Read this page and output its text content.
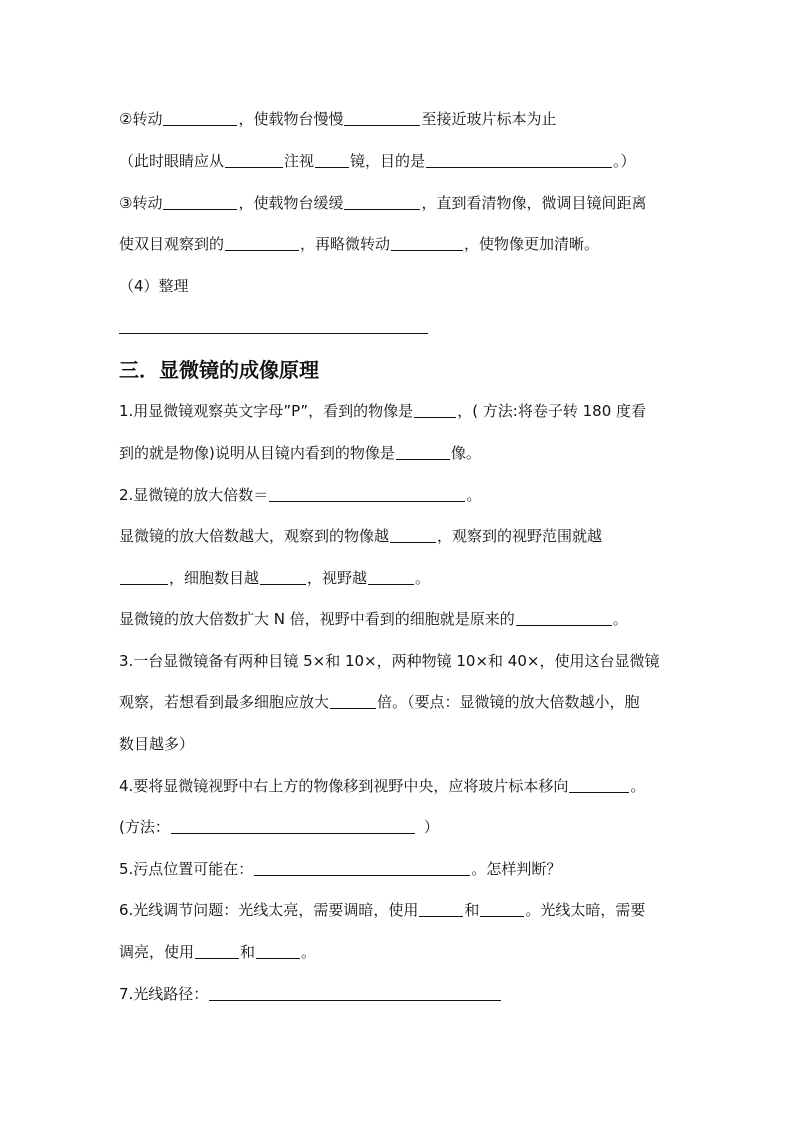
②转动	，使载物台慢慢	至接近玻片标本为止
（此时眼睛应从	注视 镜，目的是	。）
③转动	，使载物台缓缓	，直到看清物像，微调目镜间距离
使双目观察到的	，再略微转动	，使物像更加清晰。
（4）整理
三．显微镜的成像原理
1.用显微镜观察英文字母”P”，看到的物像是	，( 方法:将卷子转 180 度看
到的就是物像)说明从目镜内看到的物像是	像。
2.显微镜的放大倍数＝	。
显微镜的放大倍数越大，观察到的物像越	，观察到的视野范围就越
，细胞数目越	，视野越	。
显微镜的放大倍数扩大 N 倍，视野中看到的细胞就是原来的	。
3.一台显微镜备有两种目镜 5×和 10×，两种物镜 10×和 40×，使用这台显微镜
观察，若想看到最多细胞应放大	倍。（要点：显微镜的放大倍数越小，胞
数目越多）
4.要将显微镜视野中右上方的物像移到视野中央，应将玻片标本移向	。
(方法：	）
5.污点位置可能在：	。怎样判断？
6.光线调节问题：光线太亮，需要调暗，使用	和	。光线太暗，需要
调亮，使用	和	。
7.光线路径：
